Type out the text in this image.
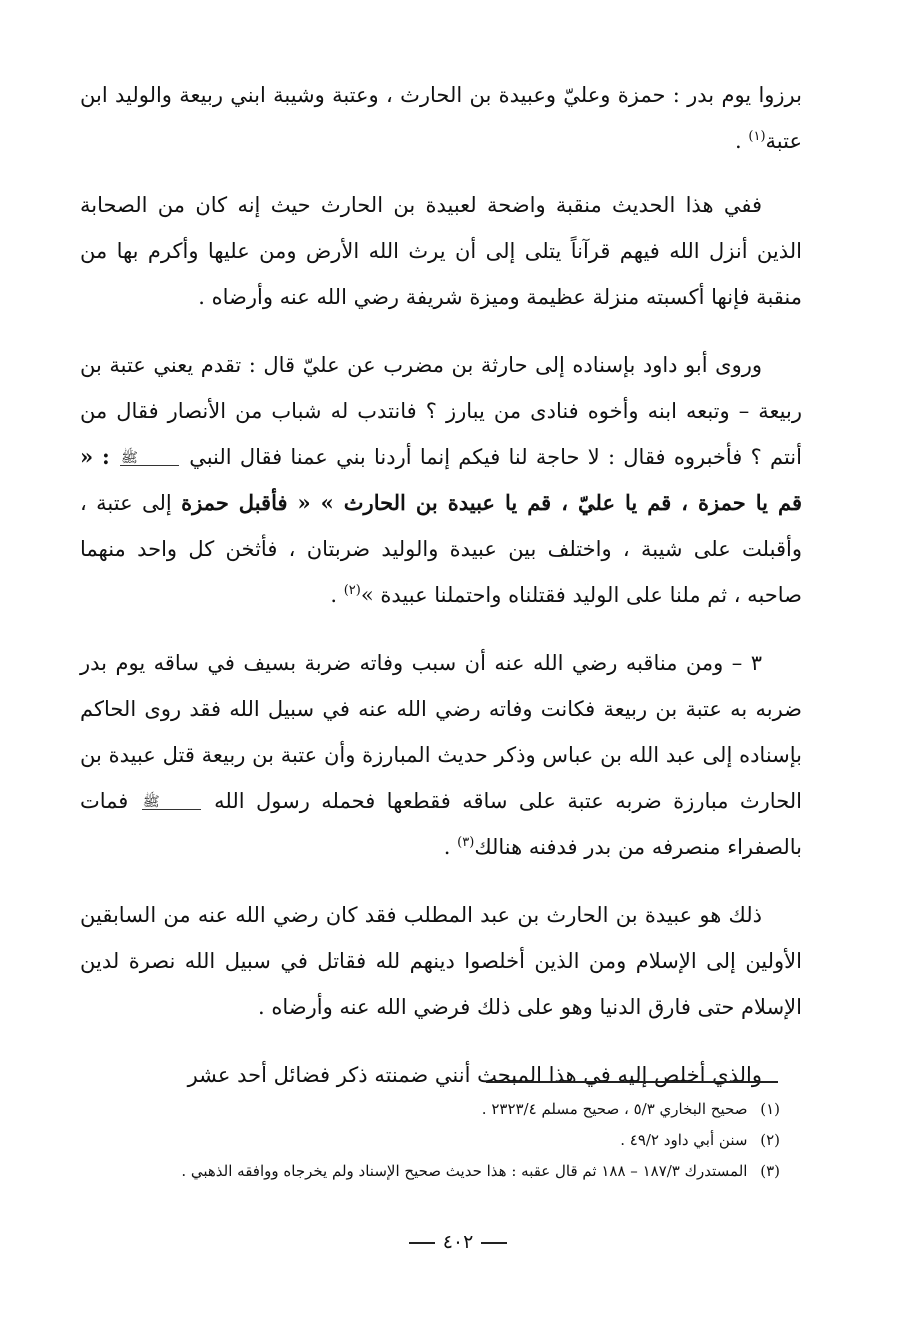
برزوا يوم بدر : حمزة وعليّ وعبيدة بن الحارث ، وعتبة وشيبة ابني ربيعة والوليد ابن عتبة$^{(١)}$ .

ففي هذا الحديث منقبة واضحة لعبيدة بن الحارث حيث إنه كان من الصحابة الذين أنزل الله فيهم قرآناً يتلى إلى أن يرث الله الأرض ومن عليها وأكرم بها من منقبة فإنها أكسبته منزلة عظيمة وميزة شريفة رضي الله عنه وأرضاه .

وروى أبو داود بإسناده إلى حارثة بن مضرب عن عليّ قال : تقدم يعني عتبة بن ربيعة – وتبعه ابنه وأخوه فنادى من يبارز ؟ فانتدب له شباب من الأنصار فقال من أنتم ؟ فأخبروه فقال : لا حاجة لنا فيكم إنما أردنا بني عمنا فقال النبي ﷺ : « قم يا حمزة ، قم يا عليّ ، قم يا عبيدة بن الحارث » « فأقبل حمزة إلى عتبة ، وأقبلت على شيبة ، واختلف بين عبيدة والوليد ضربتان ، فأثخن كل واحد منهما صاحبه ، ثم ملنا على الوليد فقتلناه واحتملنا عبيدة »$^{(٢)}$ .

٣ – ومن مناقبه رضي الله عنه أن سبب وفاته ضربة بسيف في ساقه يوم بدر ضربه به عتبة بن ربيعة فكانت وفاته رضي الله عنه في سبيل الله فقد روى الحاكم بإسناده إلى عبد الله بن عباس وذكر حديث المبارزة وأن عتبة بن ربيعة قتل عبيدة بن الحارث مبارزة ضربه عتبة على ساقه فقطعها فحمله رسول الله ﷺ فمات بالصفراء منصرفه من بدر فدفنه هنالك$^{(٣)}$ .

ذلك هو عبيدة بن الحارث بن عبد المطلب فقد كان رضي الله عنه من السابقين الأولين إلى الإسلام ومن الذين أخلصوا دينهم لله فقاتل في سبيل الله نصرة لدين الإسلام حتى فارق الدنيا وهو على ذلك فرضي الله عنه وأرضاه .

والذي أخلص إليه في هذا المبحث أنني ضمنته ذكر فضائل أحد عشر

(١) صحيح البخاري ٥/٣ ، صحيح مسلم ٢٣٢٣/٤ .
(٢) سنن أبي داود ٤٩/٢ .
(٣) المستدرك ١٨٧/٣ – ١٨٨ ثم قال عقبه : هذا حديث صحيح الإسناد ولم يخرجاه ووافقه الذهبي .
٤٠٢
